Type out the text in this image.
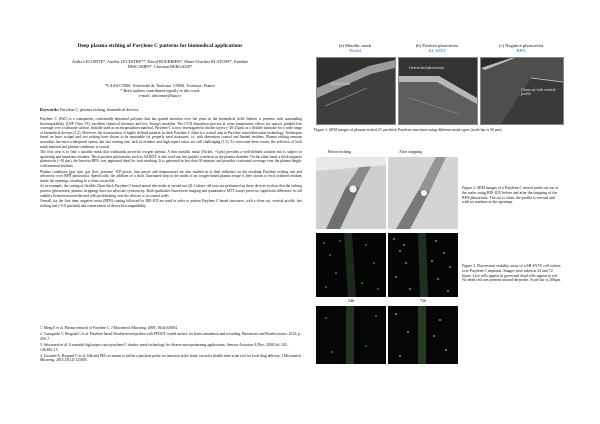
Deep plasma etching of Parylene C patterns for biomedical applications
Aziliz LECOMTE*, Aurélie LECESTRE**, David BOURRIER*, Marie-Charline BLATCHE*, Emeline
DESCAMPS*, Christian BERGAUD*
*LAAS-CNRS, Université de Toulouse, CNRS, Toulouse, France
* Both authors contributed equally to this work
e-mail: alecomte@laas.fr
Keywords: Parylene C, plasma etching, biomedical devices

Parylene C (PaC) is a transparent, conformally-deposited polymer that has gained attention over the years in the biomedical field. Indeed, it presents with outstanding biocompatibility (USP Class VI), excellent chemical inertness and low Young's modulus. The CVD deposition process at room temperature allows for optical, pinhole-free coverage over a substrate surface. Initially used as an encapsulation material, Parylene C is now investigated in thicker layers (~20-25µm) as a flexible substrate for a wide range of biomedical devices (1,2). However, the structuration of highly defined patterns in thick Parylene C films is a critical step in Parylene microfabrication technology. Techniques based on laser, scalpel and wet etching have shown to be unsuitable for properly used structures, i.e. with dimension control and limited residues. Plasma etching remains nowadays the most widespread option, but fast etching rate, lack of residues and high aspect ratios are still challenging (1,3). To overcome these issues, the selection of both mask material and plasma conditions is crucial.

The first step is to find a suitable mask that withstands powerful oxygen plasma. A thin metallic mask (Nickel, ~1µm) provides a well-defined solution but is subject to sputtering and important residues. Thick positive photoresists such as AZ40XT is also tried out, but quickly overheats in the plasma chamber. On the other hand, a thick negative photoresist (~50 µm), the Intervia BPN, was appraised ideal for such masking. It is patterned in less than 30 minutes and provides conformal coverage over the plasma length, with minimal residues.

Plasma conditions (gas type, gas flow, pressure, ICP power, bias power and temperature) are also studied as to their influence on the resulting Parylene etching rate and selectivity over BPN photoresist. Specifically, the addition of a short fluorinated step in the midst of an oxygen-based plasma recipe is here shown to etch oxidized residues inside the openings, resulting in a clean cut profile.

As an example, the cutting of flexible 25µm-thick Parylene C-based neural electrodes is carried out (4). Culture cell tests are performed on these devices to show that the etching process (photoresist, plasma, stripping) does not advocate cytotoxicity. Both qualitative fluorescent imaging and quantitative MTT assays prove no significant difference in cell viability between neuron-derived cells proliferating over the devices or in control wells.

Overall, for the first time, negative resist (BPN) coating followed by RIE-ICP are used in order to pattern Parylene C-based structures, with a clean cut, vertical profile, fast etching rate (~0.8 µm/min) and conservation of device biocompatibility.

1. Meng E et al. Plasma removal of Parylene C. J Micromech Microeng. 2008; 18(4):045004.

2. Castagnola V, Bergaud C et al. Parylene-based flexible neural probes with PEDOT coated surface for brain stimulation and recording. Biosensors and Bioelectronics; 2014; p. 450–7.

3. Selvarasah et al. A reusable high aspect ratio parylene-C shadow mask technology for diverse micropatterning applications. Sensors Actuators A Phys. 2008 Jul; 145–146:306–15.

4. Lecomte A, Bergaud C et al. Silk and PEG as means to stiffen a parylene probe for insertion in the brain: toward a double time-scale tool for local drug delivery. J Micromech Microeng. 2015;25(12):125003.

(a) Metallic mask
Nickel
(b) Positive photoresist
AZ 40XT
(c) Negative photoresist
BPN
Nickel mask
Overetched photoresist
Clean cut with vertical profile
Figure 1. SEM images of plasma-etched 25 µm-thick Parylene structures using different mask types (scale bar is 50 µm).
Before etching	After stripping
Figure 2. SEM images of a Parylene C neural probe cut out of the wafer using RIE-ICP, before and after the stripping of the BPN photoresist. The cut is clean, the profile is vertical and with no residues in the openings.
24h	72h
Figure 3. Fluorescent viability assay of a SH-SY5Y cell culture over Parylene C implants. Images were taken at 24 and 72 hours. Live cells appear in green and dead cells appear in red. No dead cell was present around the probe. Scale bar is 200µm.
